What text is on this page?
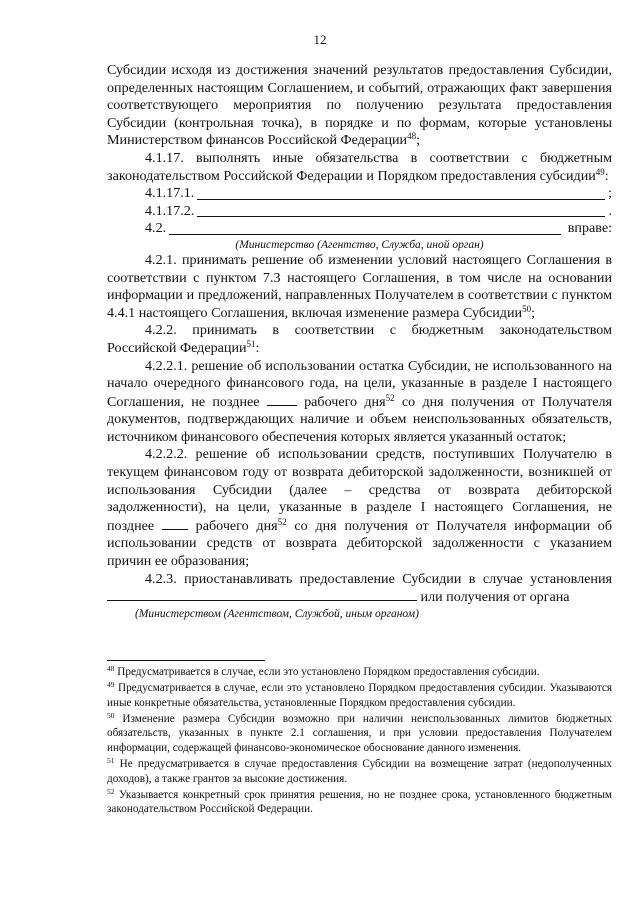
12

Субсидии исходя из достижения значений результатов предоставления Субсидии, определенных настоящим Соглашением, и событий, отражающих факт завершения соответствующего мероприятия по получению результата предоставления Субсидии (контрольная точка), в порядке и по формам, которые установлены Министерством финансов Российской Федерации$^{48}$;

4.1.17. выполнять иные обязательства в соответствии с бюджетным законодательством Российской Федерации и Порядком предоставления субсидии$^{49}$:

4.1.17.1.	;
4.1.17.2.	.
4.2.	вправе:
(Министерство (Агентство, Служба, иной орган)

4.2.1. принимать решение об изменении условий настоящего Соглашения в соответствии с пунктом 7.3 настоящего Соглашения, в том числе на основании информации и предложений, направленных Получателем в соответствии с пунктом 4.4.1 настоящего Соглашения, включая изменение размера Субсидии$^{50}$;

4.2.2. принимать в соответствии с бюджетным законодательством Российской Федерации$^{51}$:

4.2.2.1. решение об использовании остатка Субсидии, не использованного на начало очередного финансового года, на цели, указанные в разделе I настоящего Соглашения, не позднее  рабочего дня$^{52}$ со дня получения от Получателя документов, подтверждающих наличие и объем неиспользованных обязательств, источником финансового обеспечения которых является указанный остаток;

4.2.2.2. решение об использовании средств, поступивших Получателю в текущем финансовом году от возврата дебиторской задолженности, возникшей от использования Субсидии (далее – средства от возврата дебиторской задолженности), на цели, указанные в разделе I настоящего Соглашения, не позднее  рабочего дня$^{52}$ со дня получения от Получателя информации об использовании средств от возврата дебиторской задолженности с указанием причин ее образования;

4.2.3. приостанавливать предоставление Субсидии в случае установления  или получения от органа

(Министерством (Агентством, Службой, иным органом)

$^{48}$ Предусматривается в случае, если это установлено Порядком предоставления субсидии.

$^{49}$ Предусматривается в случае, если это установлено Порядком предоставления субсидии. Указываются иные конкретные обязательства, установленные Порядком предоставления субсидии.

$^{50}$ Изменение размера Субсидии возможно при наличии неиспользованных лимитов бюджетных обязательств, указанных в пункте 2.1 соглашения, и при условии предоставления Получателем информации, содержащей финансово-экономическое обоснование данного изменения.

$^{51}$ Не предусматривается в случае предоставления Субсидии на возмещение затрат (недополученных доходов), а также грантов за высокие достижения.

$^{52}$ Указывается конкретный срок принятия решения, но не позднее срока, установленного бюджетным законодательством Российской Федерации.
